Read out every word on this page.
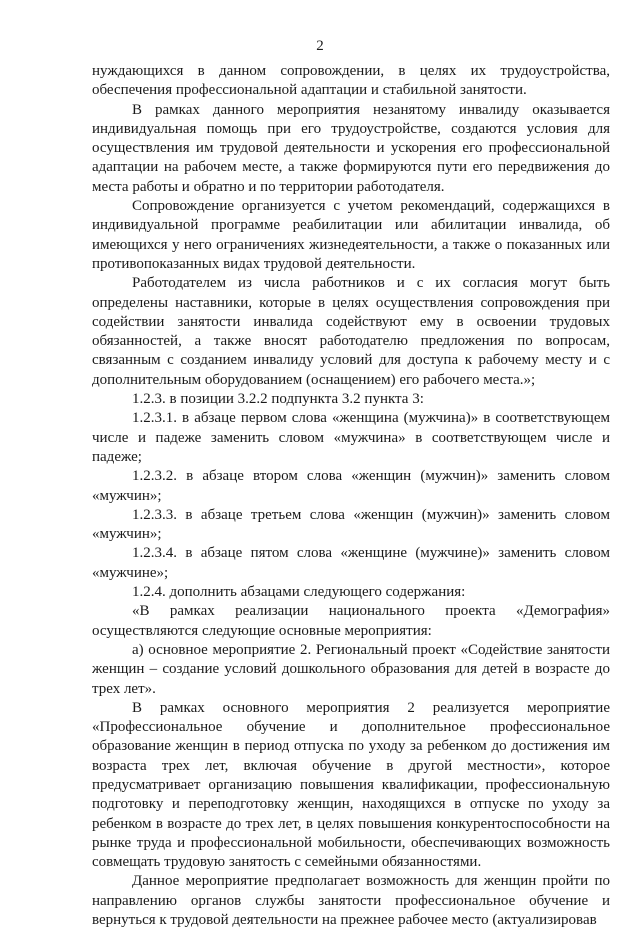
2

нуждающихся в данном сопровождении, в целях их трудоустройства, обеспечения профессиональной адаптации и стабильной занятости.

В рамках данного мероприятия незанятому инвалиду оказывается индивидуальная помощь при его трудоустройстве, создаются условия для осуществления им трудовой деятельности и ускорения его профессиональной адаптации на рабочем месте, а также формируются пути его передвижения до места работы и обратно и по территории работодателя.

Сопровождение организуется с учетом рекомендаций, содержащихся в индивидуальной программе реабилитации или абилитации инвалида, об имеющихся у него ограничениях жизнедеятельности, а также о показанных или противопоказанных видах трудовой деятельности.

Работодателем из числа работников и с их согласия могут быть определены наставники, которые в целях осуществления сопровождения при содействии занятости инвалида содействуют ему в освоении трудовых обязанностей, а также вносят работодателю предложения по вопросам, связанным с созданием инвалиду условий для доступа к рабочему месту и с дополнительным оборудованием (оснащением) его рабочего места.»;

1.2.3. в позиции 3.2.2 подпункта 3.2 пункта 3:

1.2.3.1. в абзаце первом слова «женщина (мужчина)» в соответствующем числе и падеже заменить словом «мужчина» в соответствующем числе и падеже;

1.2.3.2. в абзаце втором слова «женщин (мужчин)» заменить словом «мужчин»;

1.2.3.3. в абзаце третьем слова «женщин (мужчин)» заменить словом «мужчин»;

1.2.3.4. в абзаце пятом слова «женщине (мужчине)» заменить словом «мужчине»;

1.2.4. дополнить абзацами следующего содержания:

«В рамках реализации национального проекта «Демография» осуществляются следующие основные мероприятия:

а) основное мероприятие 2. Региональный проект «Содействие занятости женщин – создание условий дошкольного образования для детей в возрасте до трех лет».

В рамках основного мероприятия 2 реализуется мероприятие «Профессиональное обучение и дополнительное профессиональное образование женщин в период отпуска по уходу за ребенком до достижения им возраста трех лет, включая обучение в другой местности», которое предусматривает организацию повышения квалификации, профессиональную подготовку и переподготовку женщин, находящихся в отпуске по уходу за ребенком в возрасте до трех лет, в целях повышения конкурентоспособности на рынке труда и профессиональной мобильности, обеспечивающих возможность совмещать трудовую занятость с семейными обязанностями.

Данное мероприятие предполагает возможность для женщин пройти по направлению органов службы занятости профессиональное обучение и вернуться к трудовой деятельности на прежнее рабочее место (актуализировав
